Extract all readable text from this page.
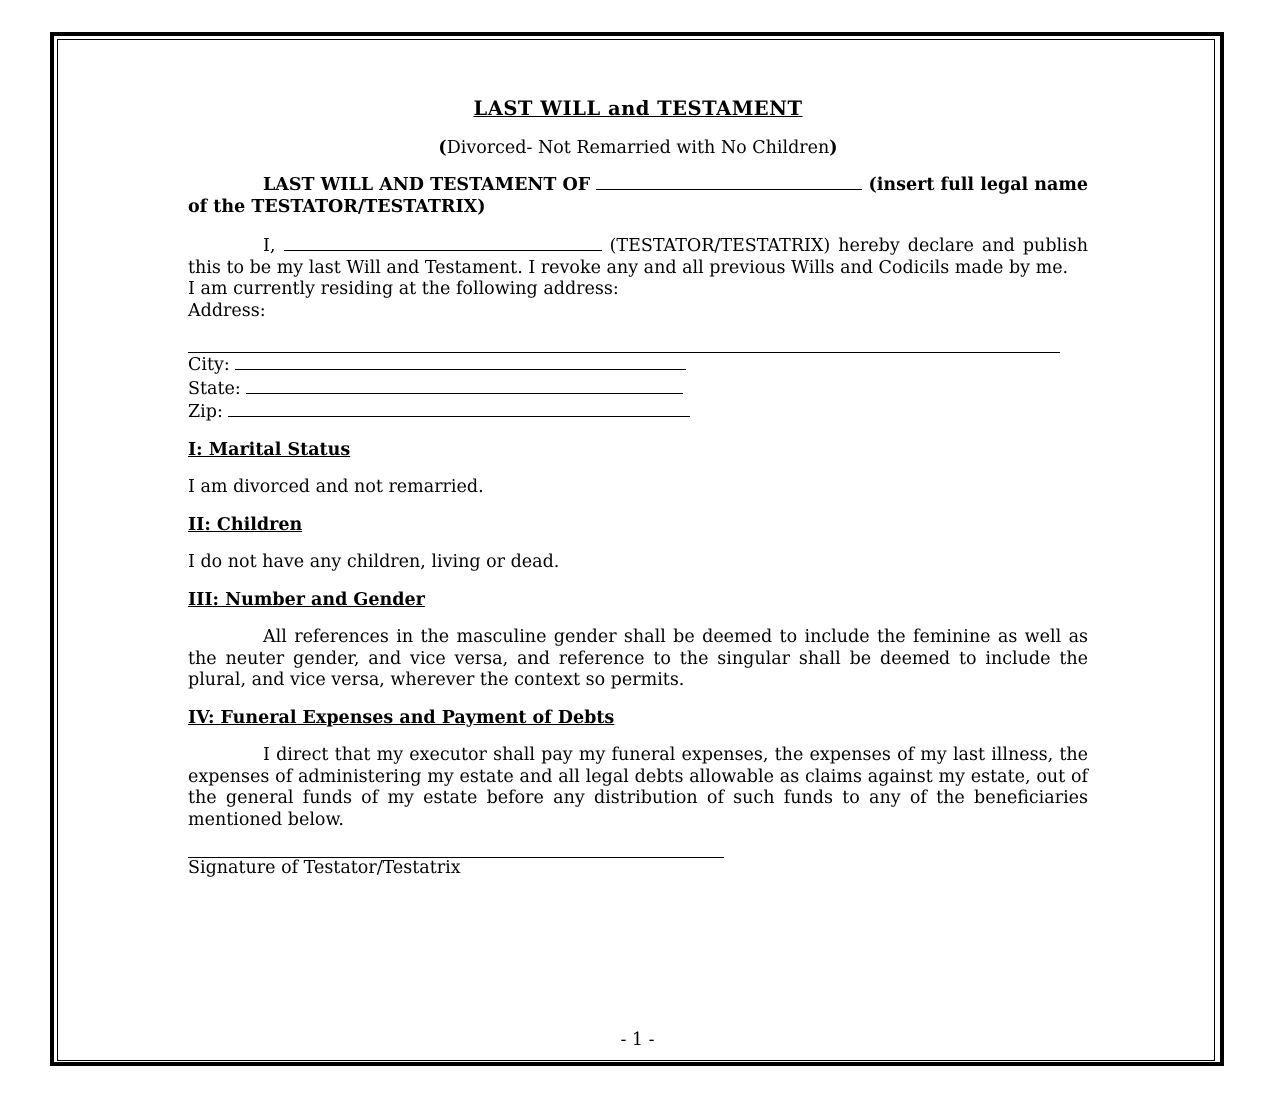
LAST WILL and TESTAMENT

(Divorced- Not Remarried with No Children)

LAST WILL AND TESTAMENT OF	(insert full legal name of the TESTATOR/TESTATRIX)

I,	(TESTATOR/TESTATRIX) hereby declare and publish this to be my last Will and Testament. I revoke any and all previous Wills and Codicils made by me.

I am currently residing at the following address:

Address:

City:

State:

Zip:

I: Marital Status

I am divorced and not remarried.

II: Children

I do not have any children, living or dead.

III: Number and Gender

All references in the masculine gender shall be deemed to include the feminine as well as the neuter gender, and vice versa, and reference to the singular shall be deemed to include the plural, and vice versa, wherever the context so permits.

IV: Funeral Expenses and Payment of Debts

I direct that my executor shall pay my funeral expenses, the expenses of my last illness, the expenses of administering my estate and all legal debts allowable as claims against my estate, out of the general funds of my estate before any distribution of such funds to any of the beneficiaries mentioned below.

Signature of Testator/Testatrix

- 1 -
